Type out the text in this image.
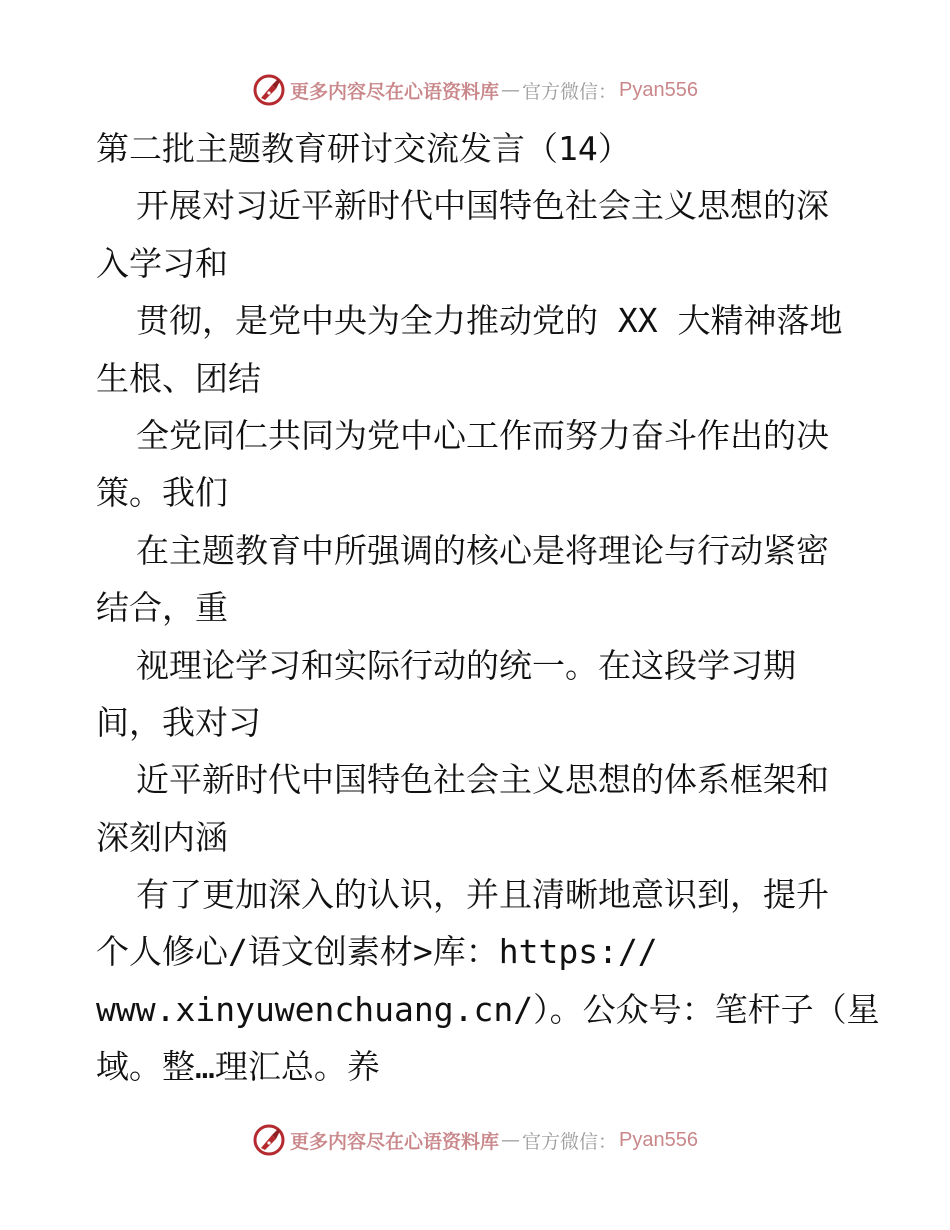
更多内容尽在心语资料库 — 官方微信： Pyan556
第二批主题教育研讨交流发言（14）
开展对习近平新时代中国特色社会主义思想的深
入学习和
贯彻，是党中央为全力推动党的 XX 大精神落地
生根、团结
全党同仁共同为党中心工作而努力奋斗作出的决
策。我们
在主题教育中所强调的核心是将理论与行动紧密
结合，重
视理论学习和实际行动的统一。在这段学习期
间，我对习
近平新时代中国特色社会主义思想的体系框架和
深刻内涵
有了更加深入的认识，并且清晰地意识到，提升
个人修心/语文创素材>库：https://
www.xinyuwenchuang.cn/）。公众号：笔杆子（星
域。整…理汇总。养
更多内容尽在心语资料库 — 官方微信： Pyan556
